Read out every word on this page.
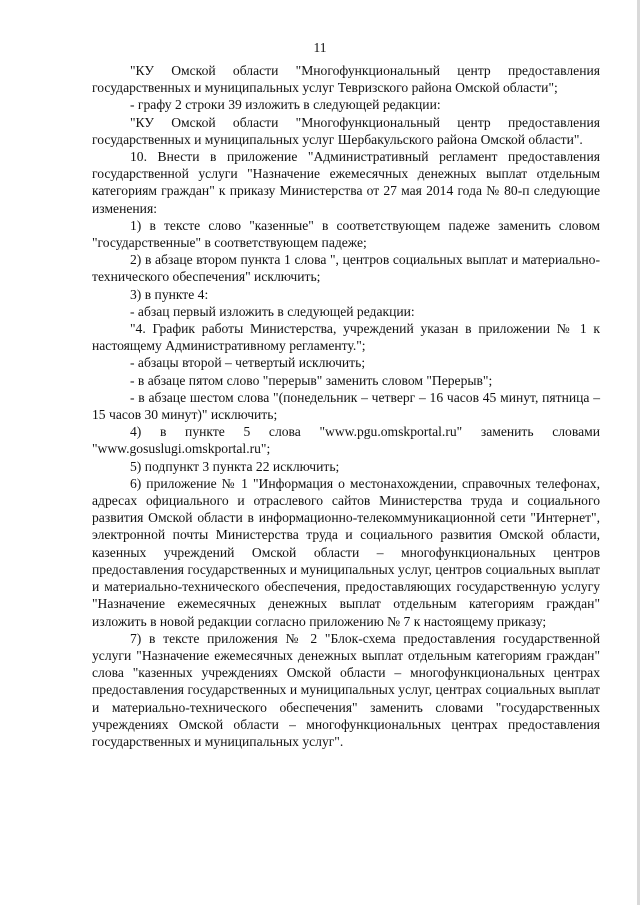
11

"КУ Омской области "Многофункциональный центр предоставления государственных и муниципальных услуг Тевризского района Омской области";

- графу 2 строки 39 изложить в следующей редакции:

"КУ Омской области "Многофункциональный центр предоставления государственных и муниципальных услуг Шербакульского района Омской области".

10. Внести в приложение "Административный регламент предоставления государственной услуги "Назначение ежемесячных денежных выплат отдельным категориям граждан" к приказу Министерства от 27 мая 2014 года № 80-п следующие изменения:

1) в тексте слово "казенные" в соответствующем падеже заменить словом "государственные" в соответствующем падеже;

2) в абзаце втором пункта 1 слова ", центров социальных выплат и материально-технического обеспечения" исключить;

3) в пункте 4:

- абзац первый изложить в следующей редакции:

"4. График работы Министерства, учреждений указан в приложении № 1 к настоящему Административному регламенту.";

- абзацы второй – четвертый исключить;

- в абзаце пятом слово "перерыв" заменить словом "Перерыв";

- в абзаце шестом слова "(понедельник – четверг – 16 часов 45 минут, пятница – 15 часов 30 минут)" исключить;

4) в пункте 5 слова "www.pgu.omskportal.ru" заменить словами "www.gosuslugi.omskportal.ru";

5) подпункт 3 пункта 22 исключить;

6) приложение № 1 "Информация о местонахождении, справочных телефонах, адресах официального и отраслевого сайтов Министерства труда и социального развития Омской области в информационно-телекоммуникационной сети "Интернет", электронной почты Министерства труда и социального развития Омской области, казенных учреждений Омской области – многофункциональных центров предоставления государственных и муниципальных услуг, центров социальных выплат и материально-технического обеспечения, предоставляющих государственную услугу "Назначение ежемесячных денежных выплат отдельным категориям граждан" изложить в новой редакции согласно приложению № 7 к настоящему приказу;

7) в тексте приложения № 2 "Блок-схема предоставления государственной услуги "Назначение ежемесячных денежных выплат отдельным категориям граждан" слова "казенных учреждениях Омской области – многофункциональных центрах предоставления государственных и муниципальных услуг, центрах социальных выплат и материально-технического обеспечения" заменить словами "государственных учреждениях Омской области – многофункциональных центрах предоставления государственных и муниципальных услуг".
